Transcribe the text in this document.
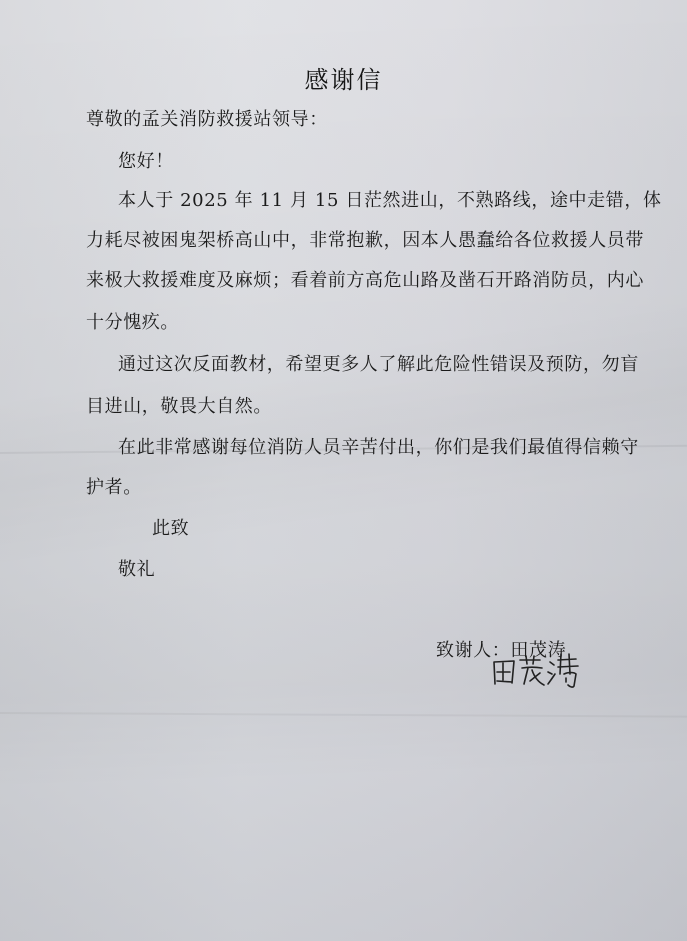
感谢信
尊敬的孟关消防救援站领导：
您好！
本人于 2025 年 11 月 15 日茫然进山，不熟路线，途中走错，体
力耗尽被困鬼架桥高山中，非常抱歉，因本人愚蠢给各位救援人员带
来极大救援难度及麻烦；看着前方高危山路及凿石开路消防员，内心
十分愧疚。
通过这次反面教材，希望更多人了解此危险性错误及预防，勿盲
目进山，敬畏大自然。
在此非常感谢每位消防人员辛苦付出，你们是我们最值得信赖守
护者。
此致
敬礼
致谢人：田茂涛
